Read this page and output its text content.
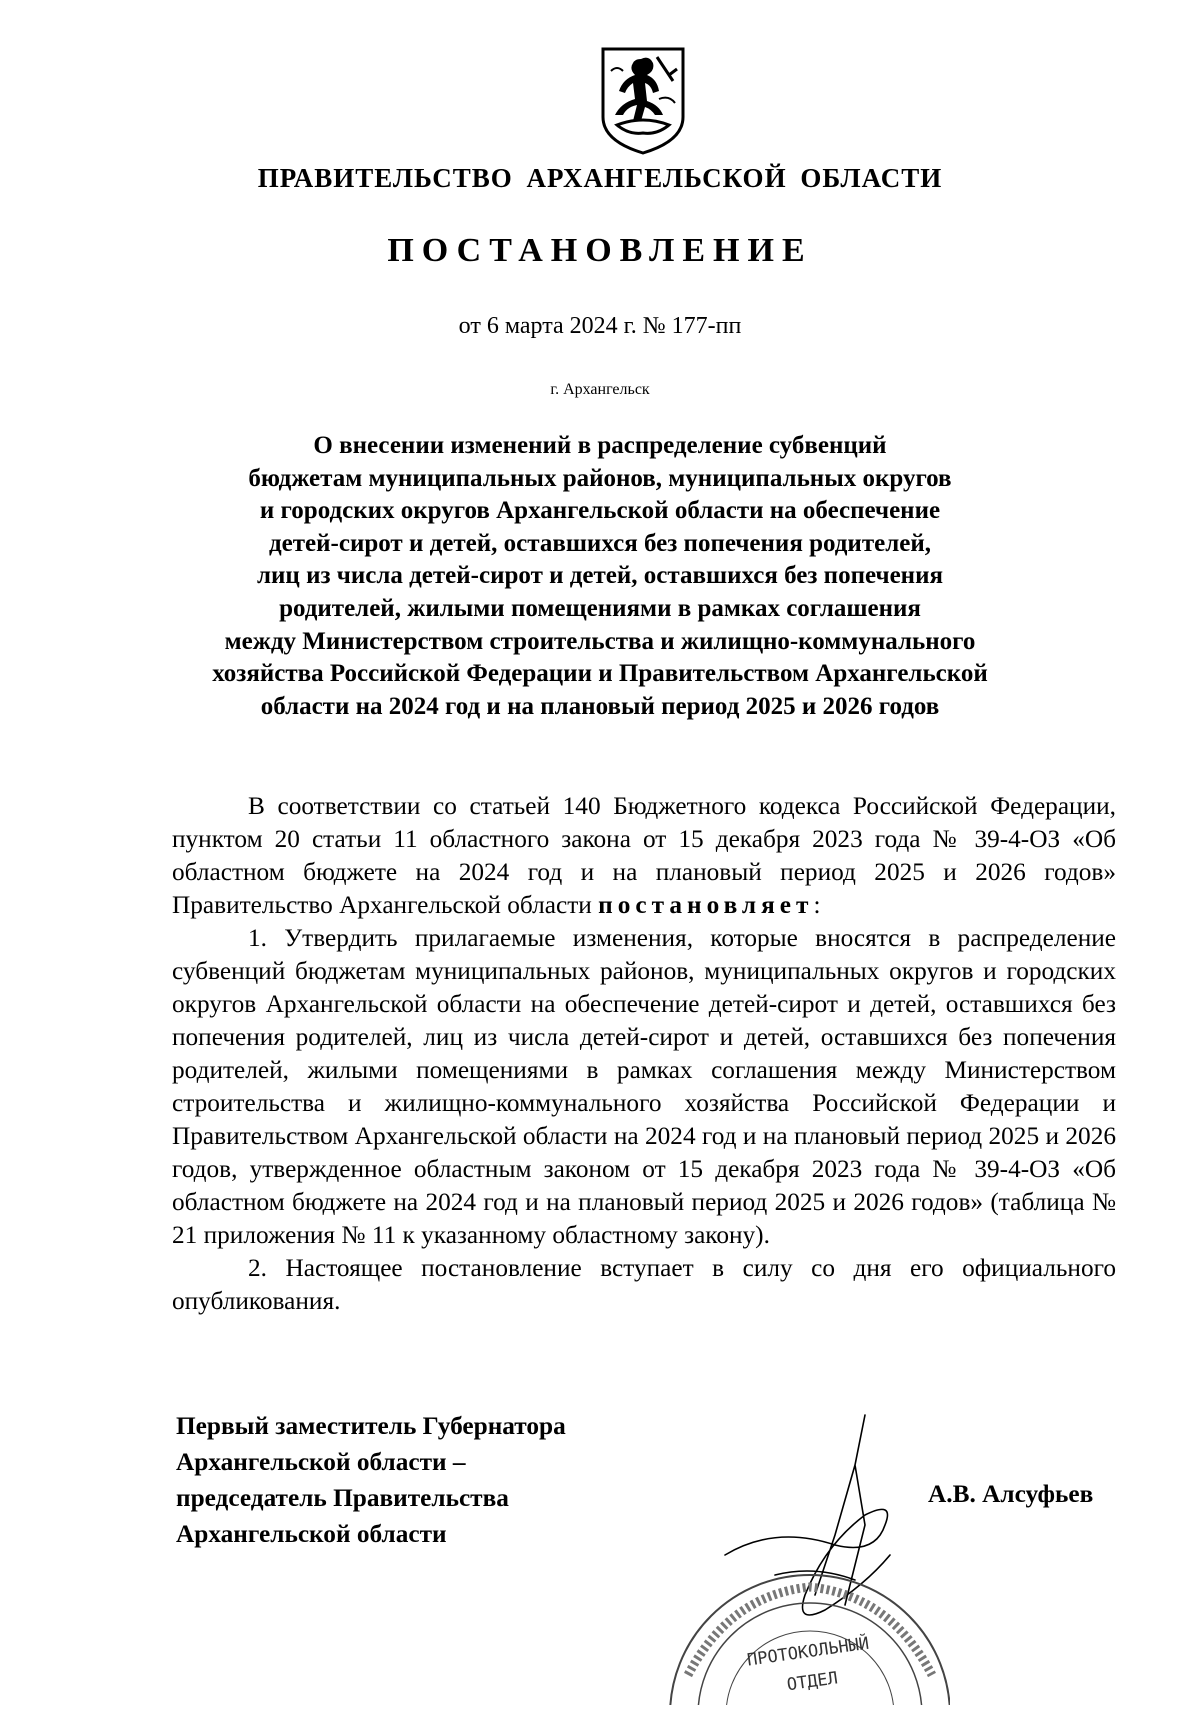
ПРАВИТЕЛЬСТВО АРХАНГЕЛЬСКОЙ ОБЛАСТИ
ПОСТАНОВЛЕНИЕ
от 6 марта 2024 г. № 177-пп
г. Архангельск
О внесении изменений в распределение субвенций
бюджетам муниципальных районов, муниципальных округов
и городских округов Архангельской области на обеспечение
детей-сирот и детей, оставшихся без попечения родителей,
лиц из числа детей-сирот и детей, оставшихся без попечения
родителей, жилыми помещениями в рамках соглашения
между Министерством строительства и жилищно-коммунального
хозяйства Российской Федерации и Правительством Архангельской
области на 2024 год и на плановый период 2025 и 2026 годов

В соответствии со статьей 140 Бюджетного кодекса Российской Федерации, пунктом 20 статьи 11 областного закона от 15 декабря 2023 года № 39-4-ОЗ «Об областном бюджете на 2024 год и на плановый период 2025 и 2026 годов» Правительство Архангельской области постановляет:

1. Утвердить прилагаемые изменения, которые вносятся в распределение субвенций бюджетам муниципальных районов, муниципальных округов и городских округов Архангельской области на обеспечение детей-сирот и детей, оставшихся без попечения родителей, лиц из числа детей-сирот и детей, оставшихся без попечения родителей, жилыми помещениями в рамках соглашения между Министерством строительства и жилищно-коммунального хозяйства Российской Федерации и Правительством Архангельской области на 2024 год и на плановый период 2025 и 2026 годов, утвержденное областным законом от 15 декабря 2023 года № 39-4-ОЗ «Об областном бюджете на 2024 год и на плановый период 2025 и 2026 годов» (таблица № 21 приложения № 11 к указанному областному закону).

2. Настоящее постановление вступает в силу со дня его официального опубликования.

Первый заместитель Губернатора
Архангельской области –
председатель Правительства
Архангельской области
А.В. Алсуфьев
ПРОТОКОЛЬНЫЙ
ОТДЕЛ
